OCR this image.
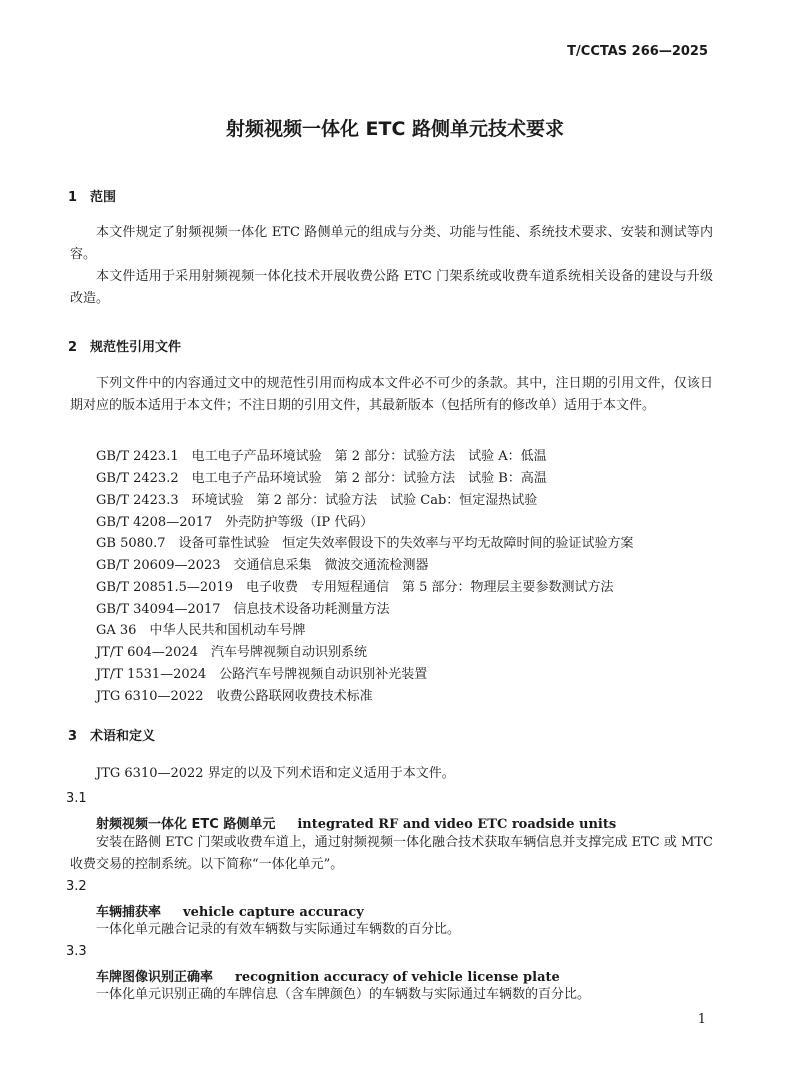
T/CCTAS 266—2025
射频视频一体化 ETC 路侧单元技术要求
1 范围
本文件规定了射频视频一体化 ETC 路侧单元的组成与分类、功能与性能、系统技术要求、安装和测试等内容。
本文件适用于采用射频视频一体化技术开展收费公路 ETC 门架系统或收费车道系统相关设备的建设与升级改造。
2 规范性引用文件
下列文件中的内容通过文中的规范性引用而构成本文件必不可少的条款。其中，注日期的引用文件，仅该日期对应的版本适用于本文件；不注日期的引用文件，其最新版本（包括所有的修改单）适用于本文件。
GB/T 2423.1　电工电子产品环境试验　第 2 部分：试验方法　试验 A：低温
GB/T 2423.2　电工电子产品环境试验　第 2 部分：试验方法　试验 B：高温
GB/T 2423.3　环境试验　第 2 部分：试验方法　试验 Cab：恒定湿热试验
GB/T 4208—2017　外壳防护等级（IP 代码）
GB 5080.7　设备可靠性试验　恒定失效率假设下的失效率与平均无故障时间的验证试验方案
GB/T 20609—2023　交通信息采集　微波交通流检测器
GB/T 20851.5—2019　电子收费　专用短程通信　第 5 部分：物理层主要参数测试方法
GB/T 34094—2017　信息技术设备功耗测量方法
GA 36　中华人民共和国机动车号牌
JT/T 604—2024　汽车号牌视频自动识别系统
JT/T 1531—2024　公路汽车号牌视频自动识别补光装置
JTG 6310—2022　收费公路联网收费技术标准
3 术语和定义
JTG 6310—2022 界定的以及下列术语和定义适用于本文件。
3.1
射频视频一体化 ETC 路侧单元 integrated RF and video ETC roadside units
安装在路侧 ETC 门架或收费车道上，通过射频视频一体化融合技术获取车辆信息并支撑完成 ETC 或 MTC 收费交易的控制系统。以下简称“一体化单元”。
3.2
车辆捕获率 vehicle capture accuracy
一体化单元融合记录的有效车辆数与实际通过车辆数的百分比。
3.3
车牌图像识别正确率 recognition accuracy of vehicle license plate
一体化单元识别正确的车牌信息（含车牌颜色）的车辆数与实际通过车辆数的百分比。
1
